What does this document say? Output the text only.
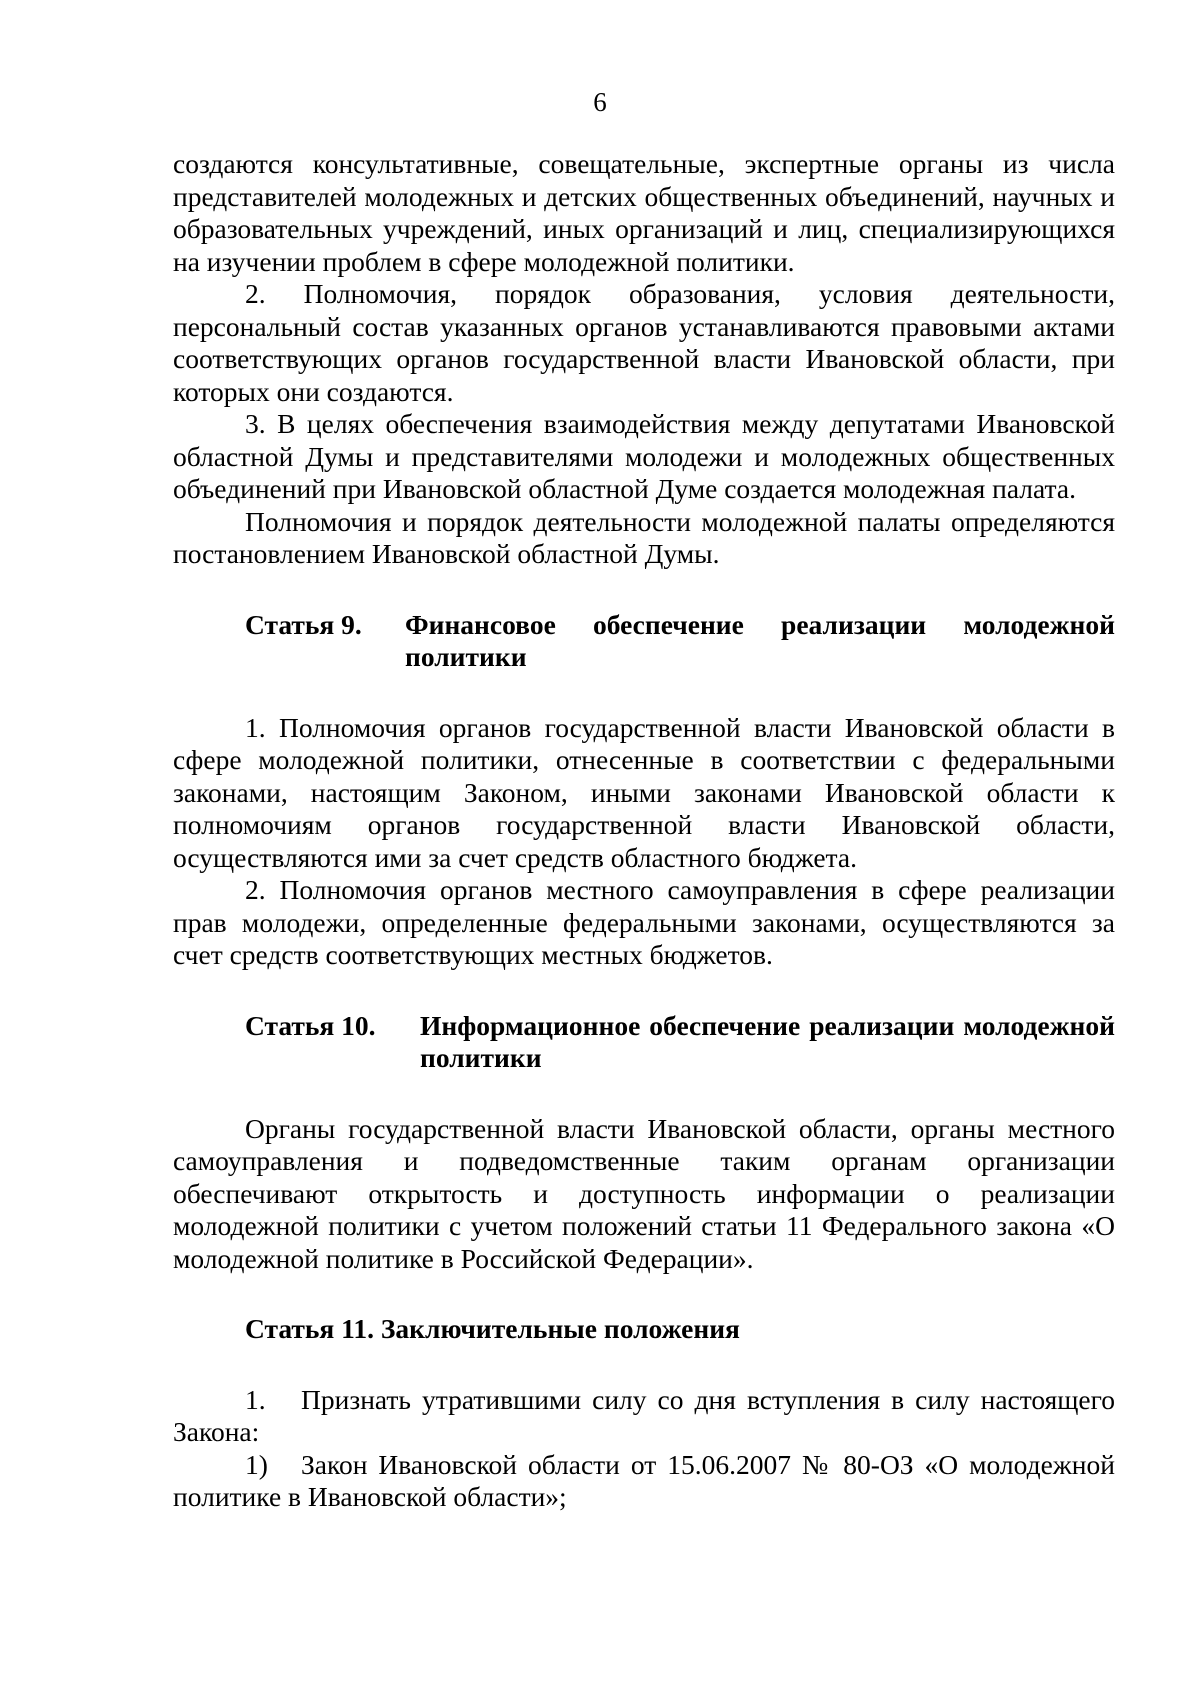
6

создаются консультативные, совещательные, экспертные органы из числа представителей молодежных и детских общественных объединений, научных и образовательных учреждений, иных организаций и лиц, специализирующихся на изучении проблем в сфере молодежной политики.

2. Полномочия, порядок образования, условия деятельности, персональный состав указанных органов устанавливаются правовыми актами соответствующих органов государственной власти Ивановской области, при которых они создаются.

3. В целях обеспечения взаимодействия между депутатами Ивановской областной Думы и представителями молодежи и молодежных общественных объединений при Ивановской областной Думе создается молодежная палата.

Полномочия и порядок деятельности молодежной палаты определяются постановлением Ивановской областной Думы.

Статья 9.	Финансовое обеспечение реализации молодежной политики

1. Полномочия органов государственной власти Ивановской области в сфере молодежной политики, отнесенные в соответствии с федеральными законами, настоящим Законом, иными законами Ивановской области к полномочиям органов государственной власти Ивановской области, осуществляются ими за счет средств областного бюджета.

2. Полномочия органов местного самоуправления в сфере реализации прав молодежи, определенные федеральными законами, осуществляются за счет средств соответствующих местных бюджетов.

Статья 10.	Информационное обеспечение реализации молодежной политики

Органы государственной власти Ивановской области, органы местного самоуправления и подведомственные таким органам организации обеспечивают открытость и доступность информации о реализации молодежной политики с учетом положений статьи 11 Федерального закона «О молодежной политике в Российской Федерации».

Статья 11. Заключительные положения

1. Признать утратившими силу со дня вступления в силу настоящего Закона:

1) Закон Ивановской области от 15.06.2007 № 80-ОЗ «О молодежной политике в Ивановской области»;
